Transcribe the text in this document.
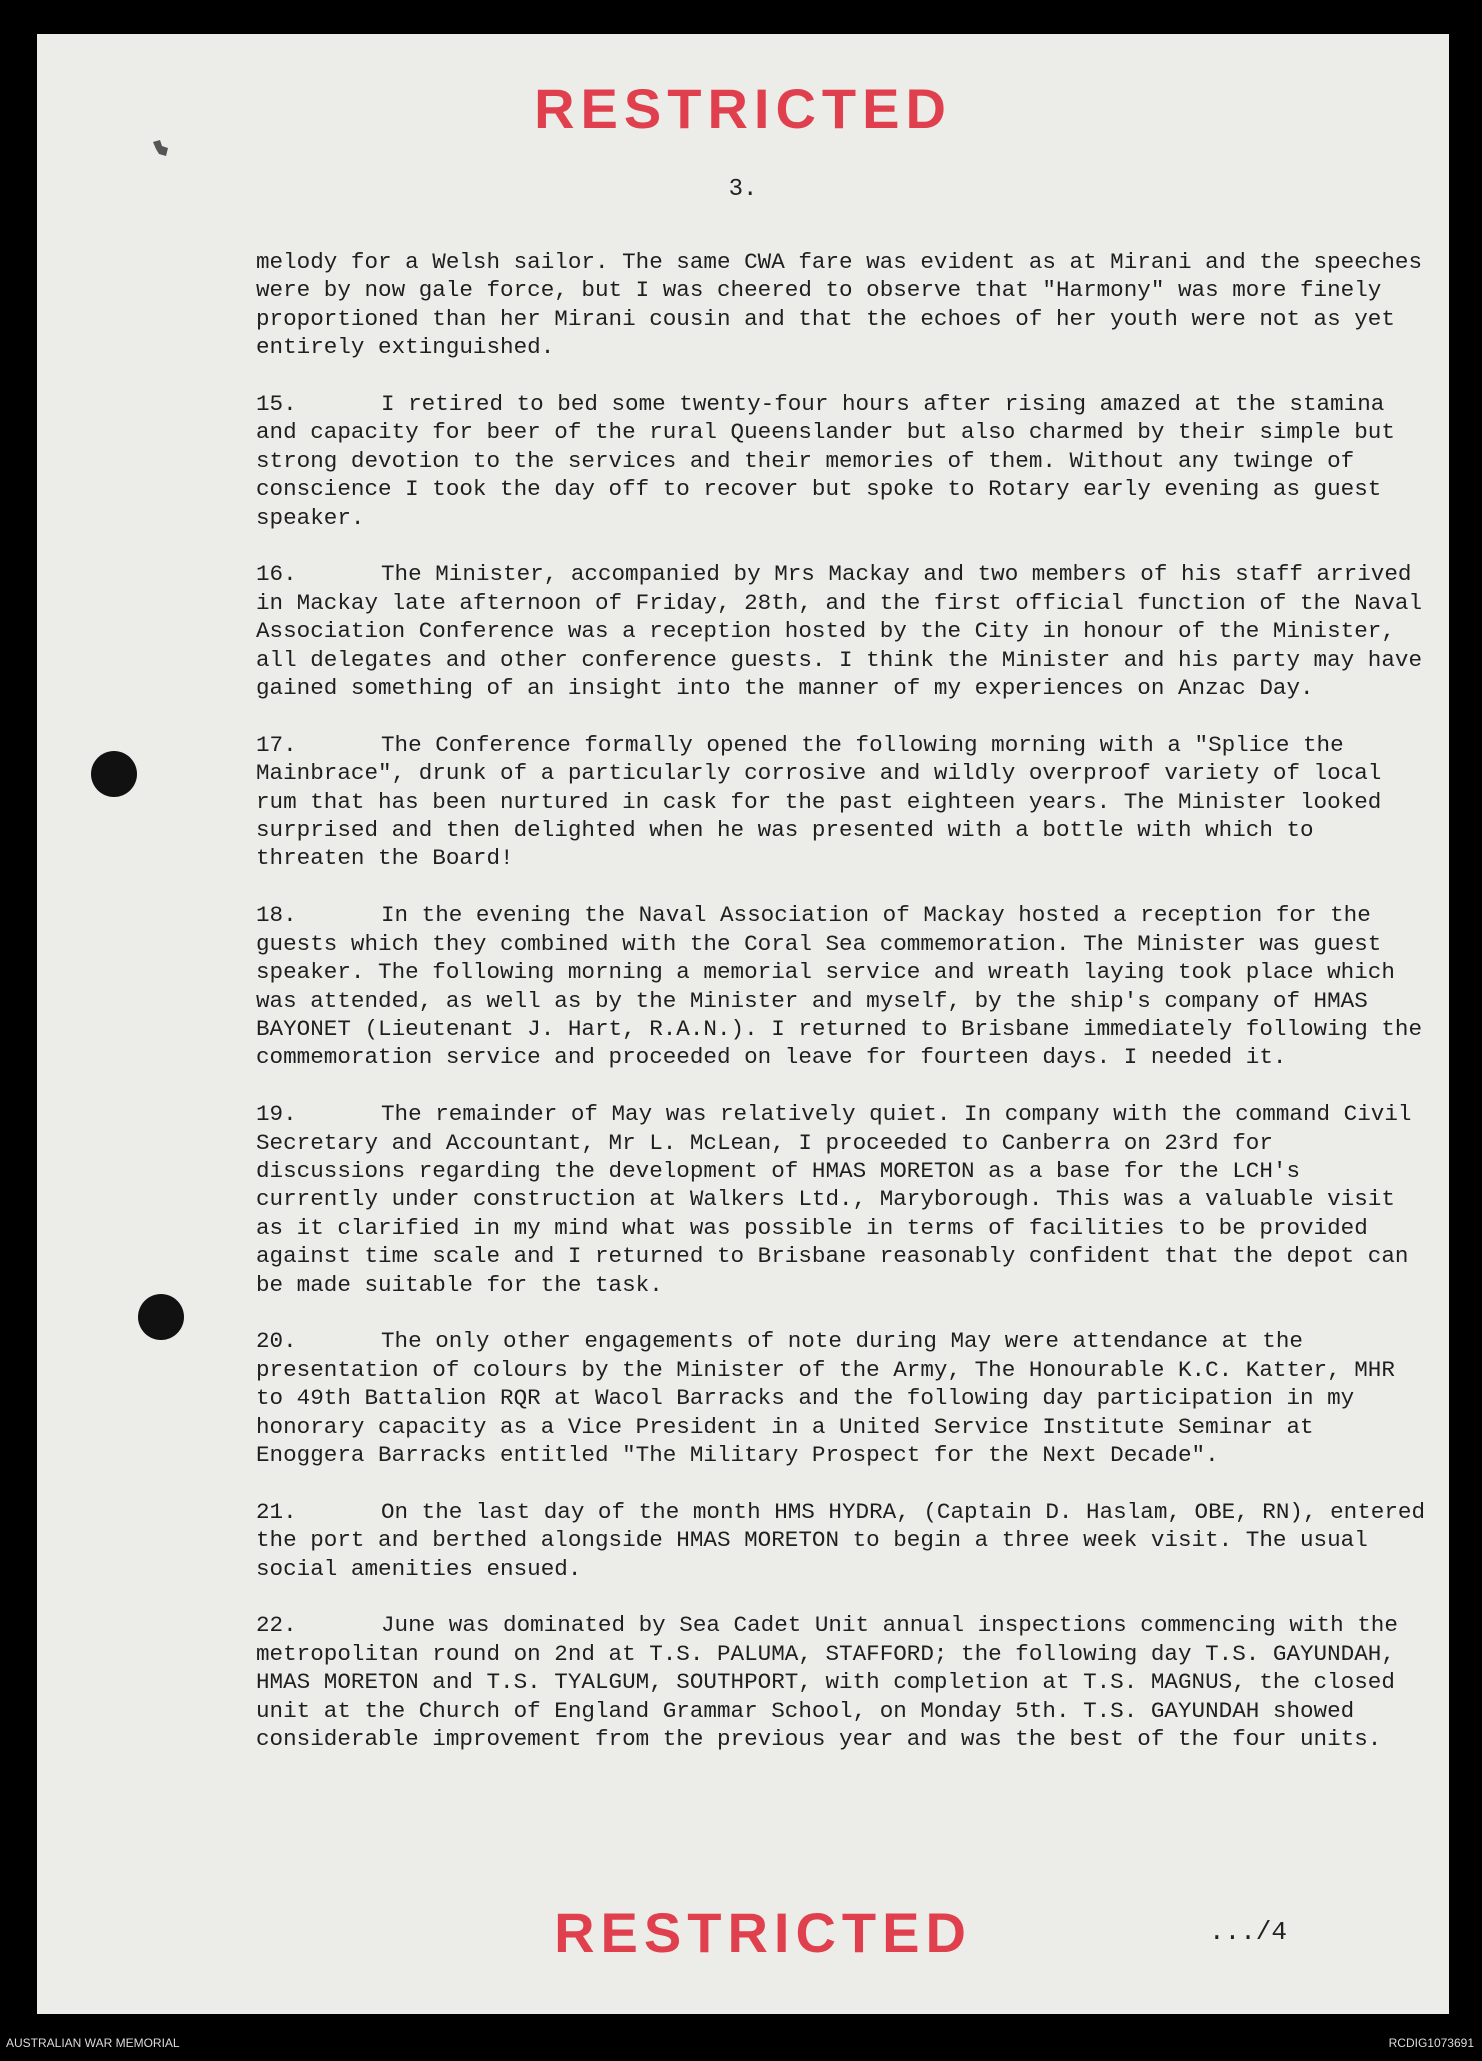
RESTRICTED
3.

melody for a Welsh sailor. The same CWA fare was evident as at Mirani and the speeches were by now gale force, but I was cheered to observe that "Harmony" was more finely proportioned than her Mirani cousin and that the echoes of her youth were not as yet entirely extinguished.

15.	I retired to bed some twenty-four hours after rising amazed at the stamina and capacity for beer of the rural Queenslander but also charmed by their simple but strong devotion to the services and their memories of them. Without any twinge of conscience I took the day off to recover but spoke to Rotary early evening as guest speaker.

16.	The Minister, accompanied by Mrs Mackay and two members of his staff arrived in Mackay late afternoon of Friday, 28th, and the first official function of the Naval Association Conference was a reception hosted by the City in honour of the Minister, all delegates and other conference guests. I think the Minister and his party may have gained something of an insight into the manner of my experiences on Anzac Day.

17.	The Conference formally opened the following morning with a "Splice the Mainbrace", drunk of a particularly corrosive and wildly overproof variety of local rum that has been nurtured in cask for the past eighteen years. The Minister looked surprised and then delighted when he was presented with a bottle with which to threaten the Board!

18.	In the evening the Naval Association of Mackay hosted a reception for the guests which they combined with the Coral Sea commemoration. The Minister was guest speaker. The following morning a memorial service and wreath laying took place which was attended, as well as by the Minister and myself, by the ship's company of HMAS BAYONET (Lieutenant J. Hart, R.A.N.). I returned to Brisbane immediately following the commemoration service and proceeded on leave for fourteen days. I needed it.

19.	The remainder of May was relatively quiet. In company with the command Civil Secretary and Accountant, Mr L. McLean, I proceeded to Canberra on 23rd for discussions regarding the development of HMAS MORETON as a base for the LCH's currently under construction at Walkers Ltd., Maryborough. This was a valuable visit as it clarified in my mind what was possible in terms of facilities to be provided against time scale and I returned to Brisbane reasonably confident that the depot can be made suitable for the task.

20.	The only other engagements of note during May were attendance at the presentation of colours by the Minister of the Army, The Honourable K.C. Katter, MHR to 49th Battalion RQR at Wacol Barracks and the following day participation in my honorary capacity as a Vice President in a United Service Institute Seminar at Enoggera Barracks entitled "The Military Prospect for the Next Decade".

21.	On the last day of the month HMS HYDRA, (Captain D. Haslam, OBE, RN), entered the port and berthed alongside HMAS MORETON to begin a three week visit. The usual social amenities ensued.

22.	June was dominated by Sea Cadet Unit annual inspections commencing with the metropolitan round on 2nd at T.S. PALUMA, STAFFORD; the following day T.S. GAYUNDAH, HMAS MORETON and T.S. TYALGUM, SOUTHPORT, with completion at T.S. MAGNUS, the closed unit at the Church of England Grammar School, on Monday 5th. T.S. GAYUNDAH showed considerable improvement from the previous year and was the best of the four units.

RESTRICTED	.../4
AUSTRALIAN WAR MEMORIAL	RCDIG1073691
